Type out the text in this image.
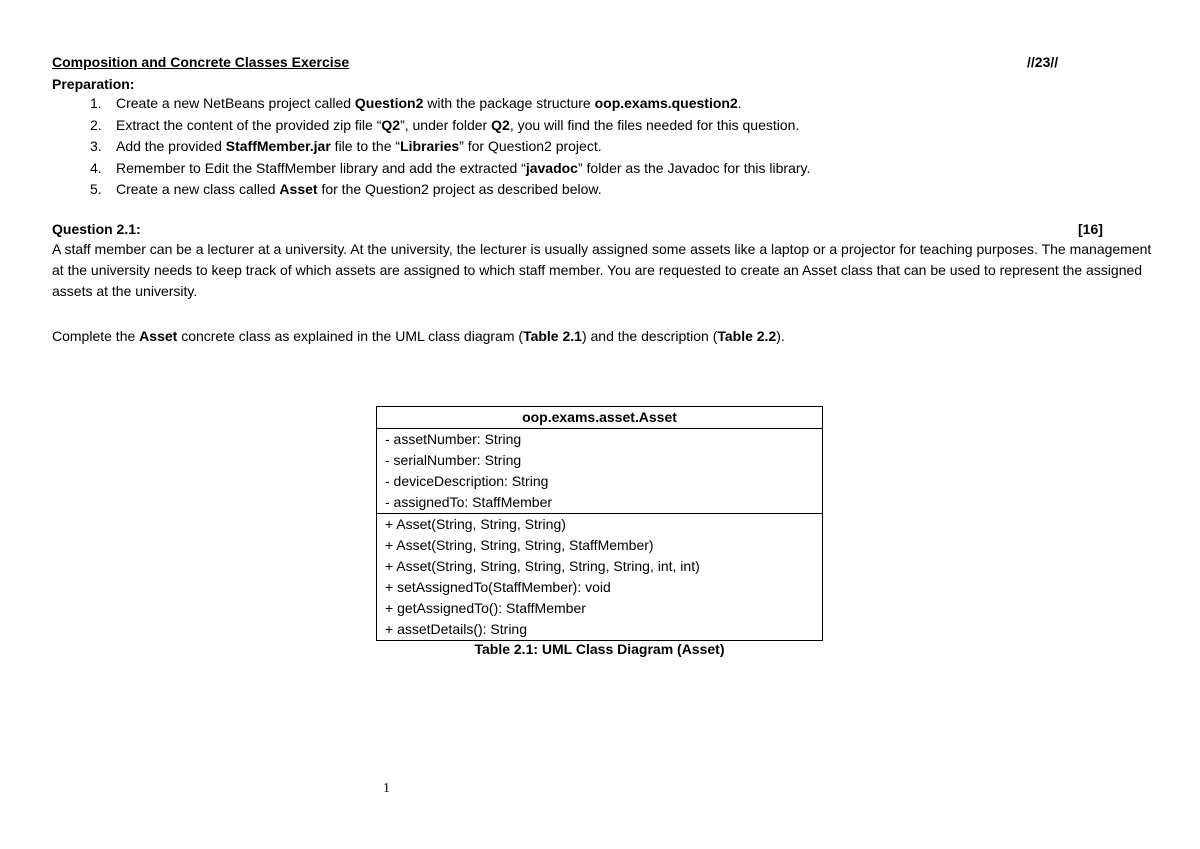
Composition and Concrete Classes Exercise	//23//
Preparation:
1. Create a new NetBeans project called Question2 with the package structure oop.exams.question2.
2. Extract the content of the provided zip file “Q2”, under folder Q2, you will find the files needed for this question.
3. Add the provided StaffMember.jar file to the “Libraries” for Question2 project.
4. Remember to Edit the StaffMember library and add the extracted “javadoc” folder as the Javadoc for this library.
5. Create a new class called Asset for the Question2 project as described below.
Question 2.1:	[16]
A staff member can be a lecturer at a university. At the university, the lecturer is usually assigned some assets like a laptop or a projector for teaching purposes. The management at the university needs to keep track of which assets are assigned to which staff member. You are requested to create an Asset class that can be used to represent the assigned assets at the university.
Complete the Asset concrete class as explained in the UML class diagram (Table 2.1) and the description (Table 2.2).
oop.exams.asset.Asset
- assetNumber: String
- serialNumber: String
- deviceDescription: String
- assignedTo: StaffMember
+ Asset(String, String, String)
+ Asset(String, String, String, StaffMember)
+ Asset(String, String, String, String, String, int, int)
+ setAssignedTo(StaffMember): void
+ getAssignedTo(): StaffMember
+ assetDetails(): String
Table 2.1: UML Class Diagram (Asset)
1
